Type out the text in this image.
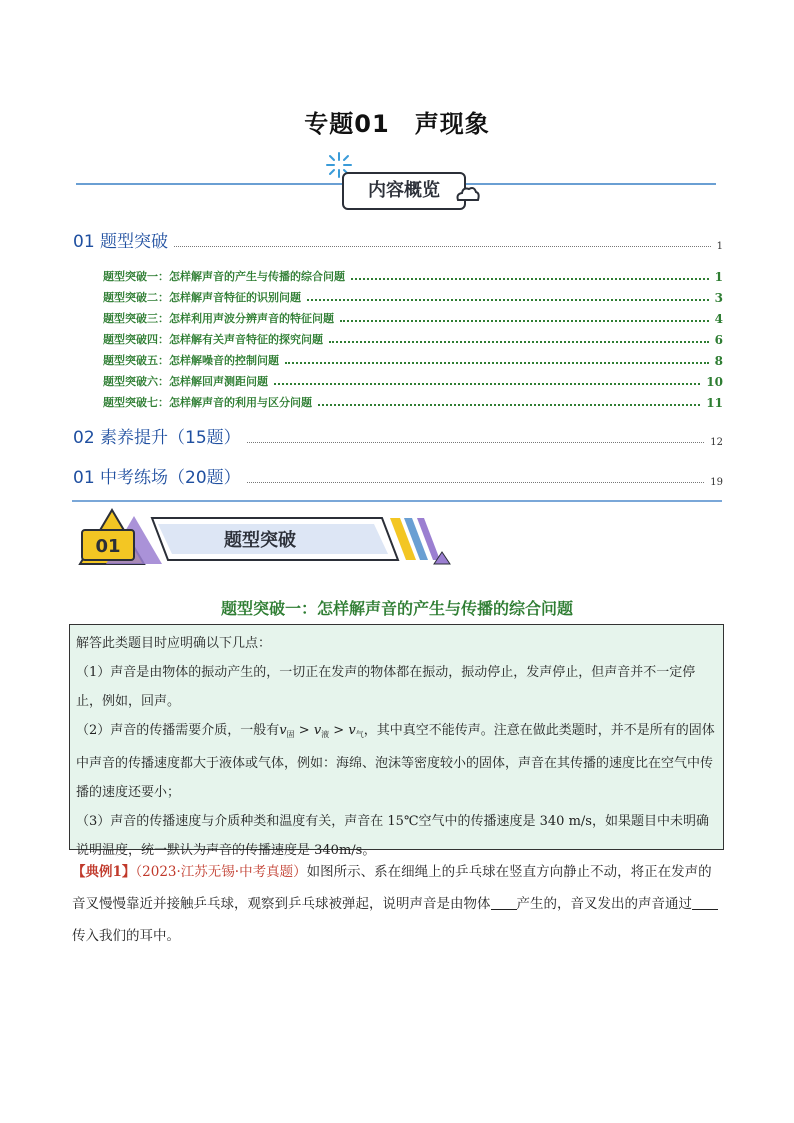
专题01　声现象
内容概览
01 题型突破	1
题型突破一：怎样解声音的产生与传播的综合问题	1
题型突破二：怎样解声音特征的识别问题	3
题型突破三：怎样利用声波分辨声音的特征问题	4
题型突破四：怎样解有关声音特征的探究问题	6
题型突破五：怎样解噪音的控制问题	8
题型突破六：怎样解回声测距问题	10
题型突破七：怎样解声音的利用与区分问题	11
02 素养提升（15题）	12
01 中考练场（20题）	19
01	题型突破
题型突破一：怎样解声音的产生与传播的综合问题

解答此类题目时应明确以下几点：

（1）声音是由物体的振动产生的，一切正在发声的物体都在振动，振动停止，发声停止，但声音并不一定停止，例如，回声。

（2）声音的传播需要介质，一般有$v_固 > v_液 > v_气$，其中真空不能传声。注意在做此类题时，并不是所有的固体中声音的传播速度都大于液体或气体，例如：海绵、泡沫等密度较小的固体，声音在其传播的速度比在空气中传播的速度还要小；

（3）声音的传播速度与介质种类和温度有关，声音在 15℃空气中的传播速度是 340 m/s，如果题目中未明确说明温度，统一默认为声音的传播速度是 340m/s。

【典例1】（2023·江苏无锡·中考真题）如图所示、系在细绳上的乒乓球在竖直方向静止不动，将正在发声的音叉慢慢靠近并接触乒乓球，观察到乒乓球被弹起，说明声音是由物体 产生的，音叉发出的声音通过传入我们的耳中。
